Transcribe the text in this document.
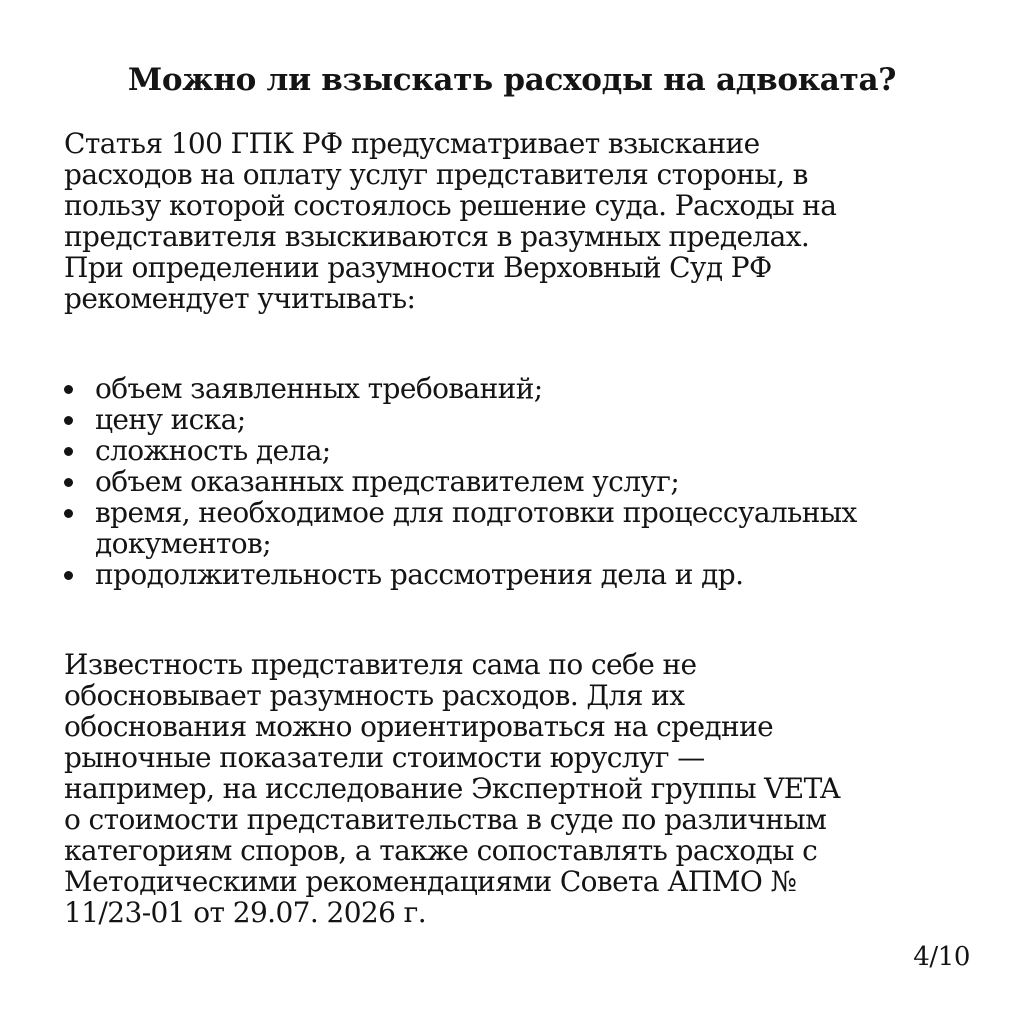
Можно ли взыскать расходы на адвоката?
Статья 100 ГПК РФ предусматривает взыскание
расходов на оплату услуг представителя стороны, в
пользу которой состоялось решение суда. Расходы на
представителя взыскиваются в разумных пределах.
При определении разумности Верховный Суд РФ
рекомендует учитывать:
объем заявленных требований;
цену иска;
сложность дела;
объем оказанных представителем услуг;
время, необходимое для подготовки процессуальных
документов;
продолжительность рассмотрения дела и др.
Известность представителя сама по себе не
обосновывает разумность расходов. Для их
обоснования можно ориентироваться на средние
рыночные показатели стоимости юруслуг —
например, на исследование Экспертной группы VETA
о стоимости представительства в суде по различным
категориям споров, а также сопоставлять расходы с
Методическими рекомендациями Совета АПМО №
11/23-01 от 29.07. 2026 г.
4/10
